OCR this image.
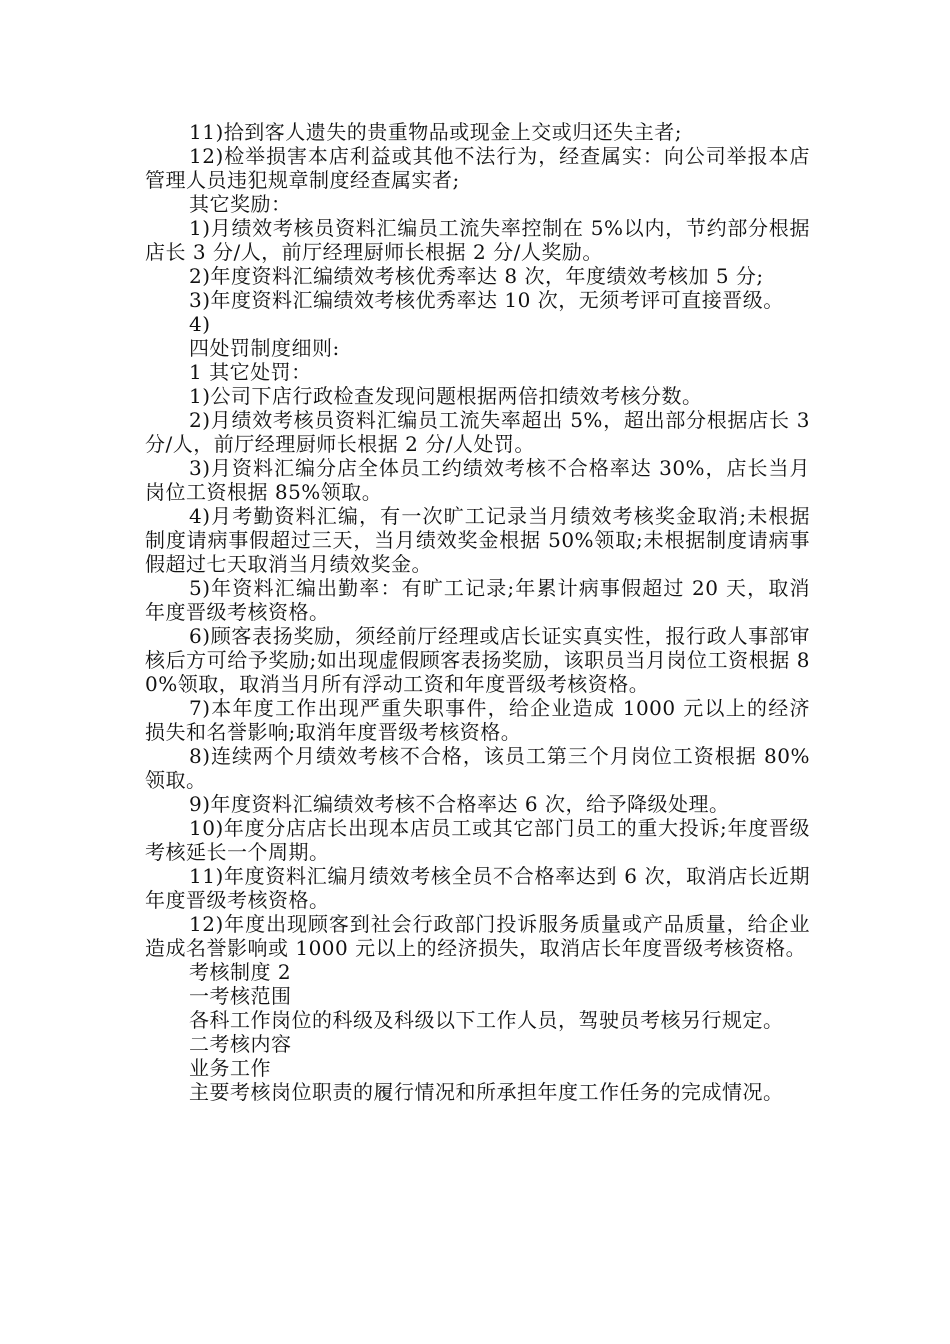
11)拾到客人遗失的贵重物品或现金上交或归还失主者;

12)检举损害本店利益或其他不法行为，经查属实：向公司举报本店管理人员违犯规章制度经查属实者;

其它奖励：

1)月绩效考核员资料汇编员工流失率控制在 5%以内，节约部分根据店长 3 分/人，前厅经理厨师长根据 2 分/人奖励。

2)年度资料汇编绩效考核优秀率达 8 次，年度绩效考核加 5 分;

3)年度资料汇编绩效考核优秀率达 10 次，无须考评可直接晋级。

4)

四处罚制度细则:

1 其它处罚：

1)公司下店行政检查发现问题根据两倍扣绩效考核分数。

2)月绩效考核员资料汇编员工流失率超出 5%，超出部分根据店长 3 分/人，前厅经理厨师长根据 2 分/人处罚。

3)月资料汇编分店全体员工约绩效考核不合格率达 30%，店长当月岗位工资根据 85%领取。

4)月考勤资料汇编，有一次旷工记录当月绩效考核奖金取消;未根据制度请病事假超过三天，当月绩效奖金根据 50%领取;未根据制度请病事假超过七天取消当月绩效奖金。

5)年资料汇编出勤率：有旷工记录;年累计病事假超过 20 天，取消年度晋级考核资格。

6)顾客表扬奖励，须经前厅经理或店长证实真实性，报行政人事部审核后方可给予奖励;如出现虚假顾客表扬奖励，该职员当月岗位工资根据 80%领取，取消当月所有浮动工资和年度晋级考核资格。

7)本年度工作出现严重失职事件，给企业造成 1000 元以上的经济损失和名誉影响;取消年度晋级考核资格。

8)连续两个月绩效考核不合格，该员工第三个月岗位工资根据 80%领取。

9)年度资料汇编绩效考核不合格率达 6 次，给予降级处理。

10)年度分店店长出现本店员工或其它部门员工的重大投诉;年度晋级考核延长一个周期。

11)年度资料汇编月绩效考核全员不合格率达到 6 次，取消店长近期年度晋级考核资格。

12)年度出现顾客到社会行政部门投诉服务质量或产品质量，给企业造成名誉影响或 1000 元以上的经济损失，取消店长年度晋级考核资格。

考核制度 2

一考核范围

各科工作岗位的科级及科级以下工作人员，驾驶员考核另行规定。

二考核内容

业务工作

主要考核岗位职责的履行情况和所承担年度工作任务的完成情况。
